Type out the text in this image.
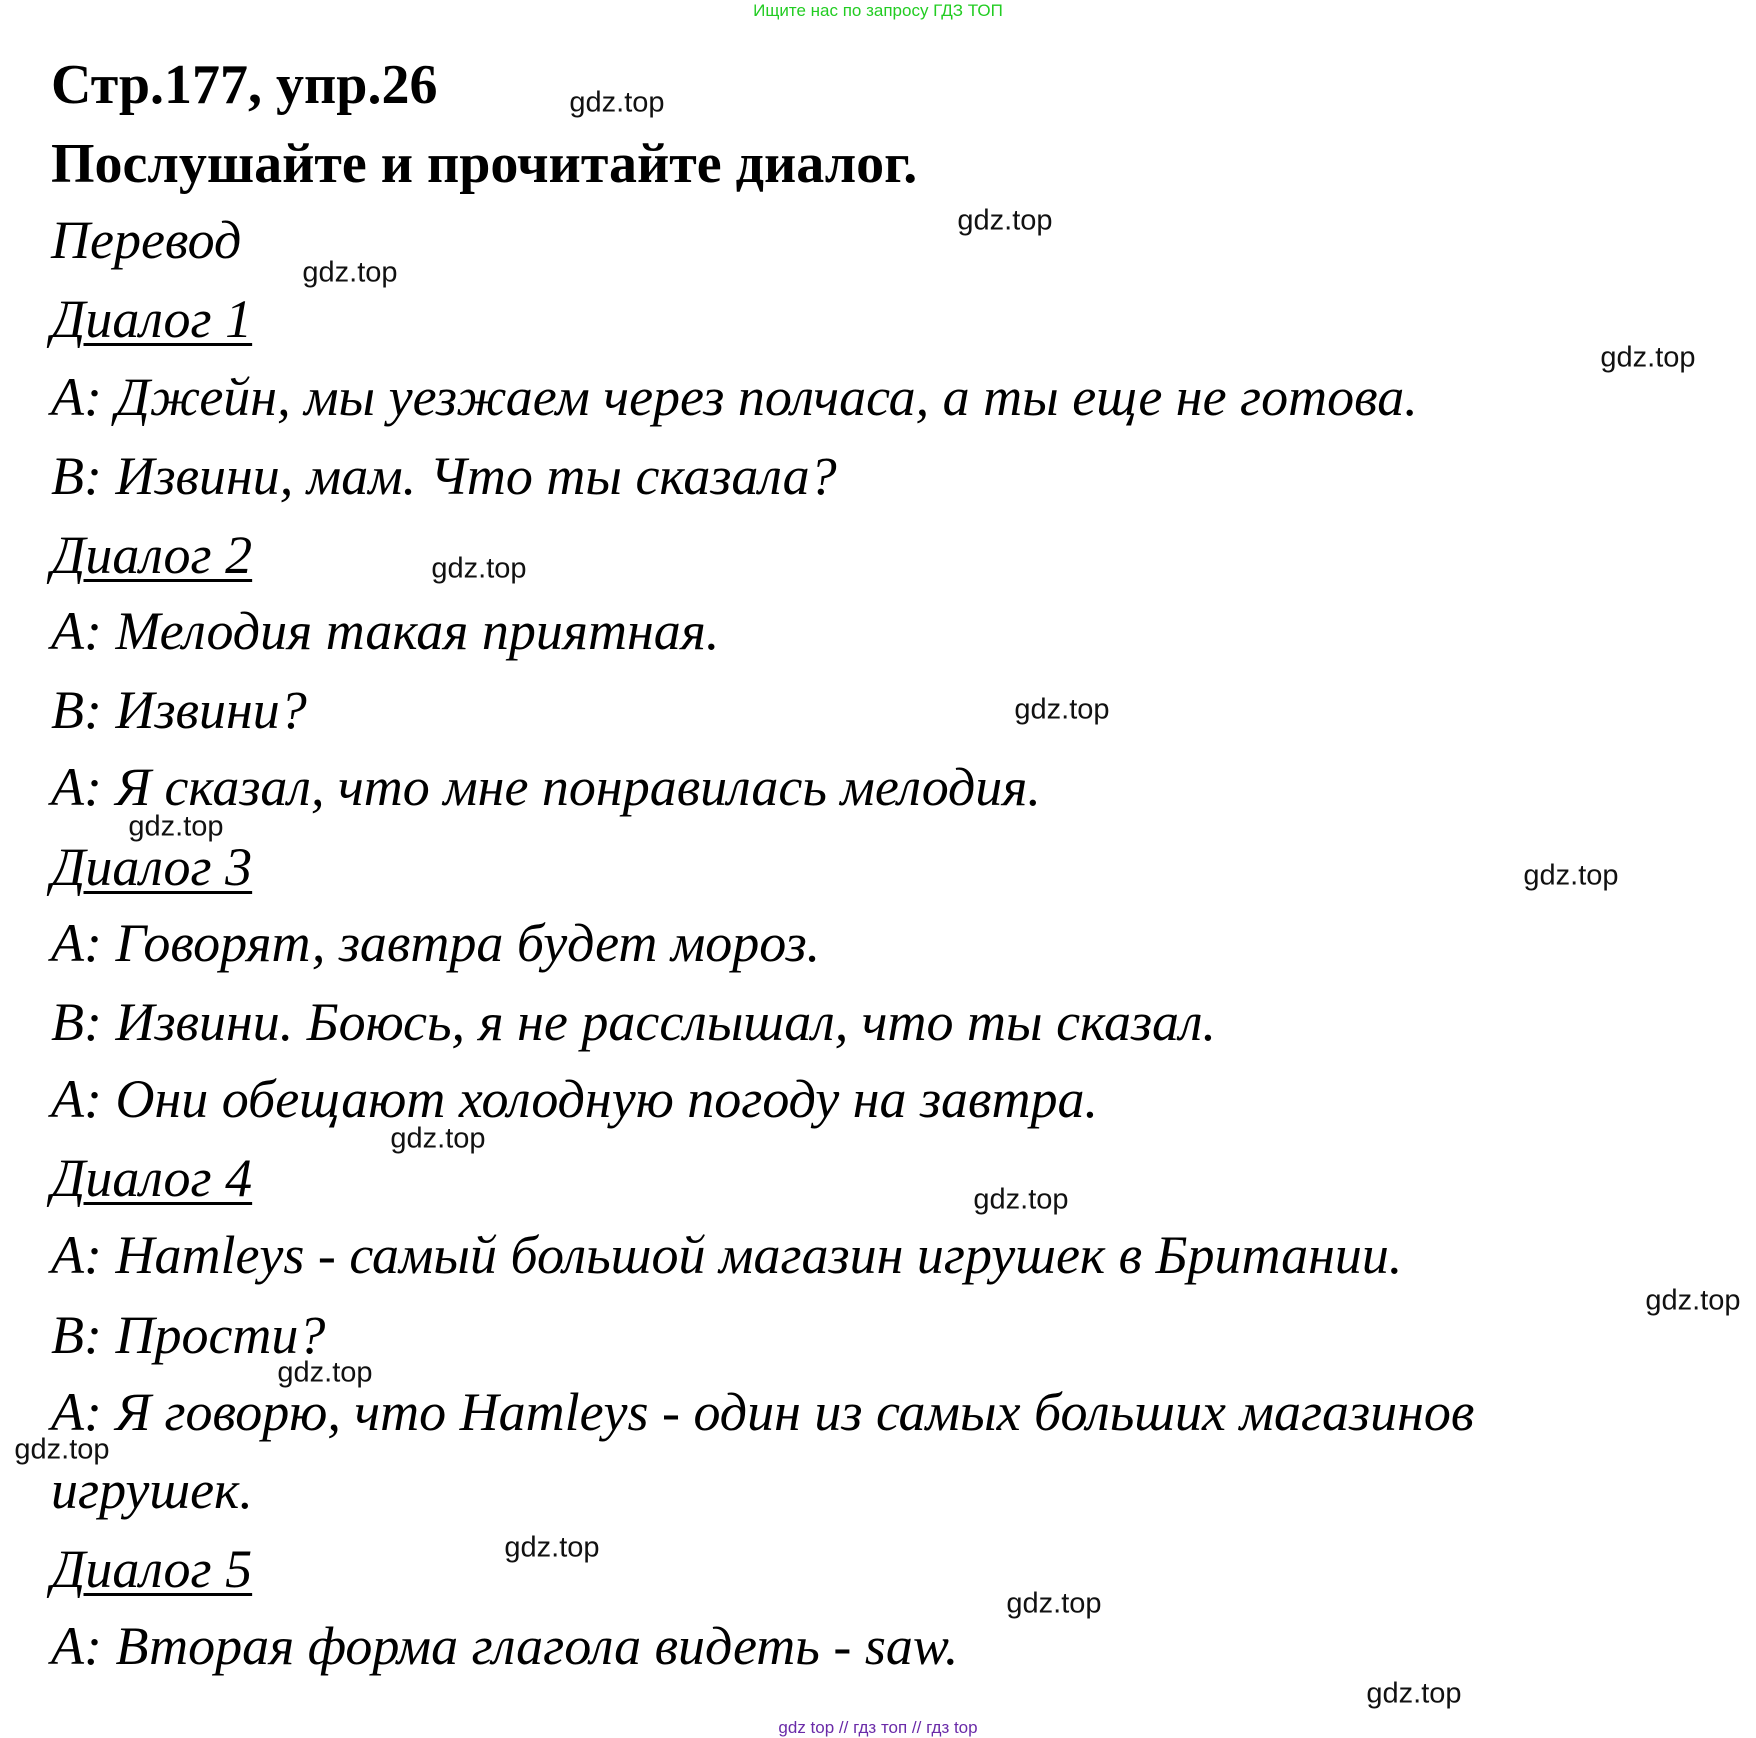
Ищите нас по запросу ГДЗ ТОП
Стр.177, упр.26
Послушайте и прочитайте диалог.
Перевод
Диалог 1
A: Джейн, мы уезжаем через полчаса, а ты еще не готова.
B: Извини, мам. Что ты сказала?
Диалог 2
A: Мелодия такая приятная.
B: Извини?
A: Я сказал, что мне понравилась мелодия.
Диалог 3
A: Говорят, завтра будет мороз.
B: Извини. Боюсь, я не расслышал, что ты сказал.
A: Они обещают холодную погоду на завтра.
Диалог 4
A: Hamleys - самый большой магазин игрушек в Британии.
B: Прости?
A: Я говорю, что Hamleys - один из самых больших магазинов
игрушек.
Диалог 5
A: Вторая форма глагола видеть - saw.
gdz.top
gdz.top
gdz.top
gdz.top
gdz.top
gdz.top
gdz.top
gdz.top
gdz.top
gdz.top
gdz.top
gdz.top
gdz.top
gdz.top
gdz.top
gdz.top
gdz top // гдз топ // гдз top
